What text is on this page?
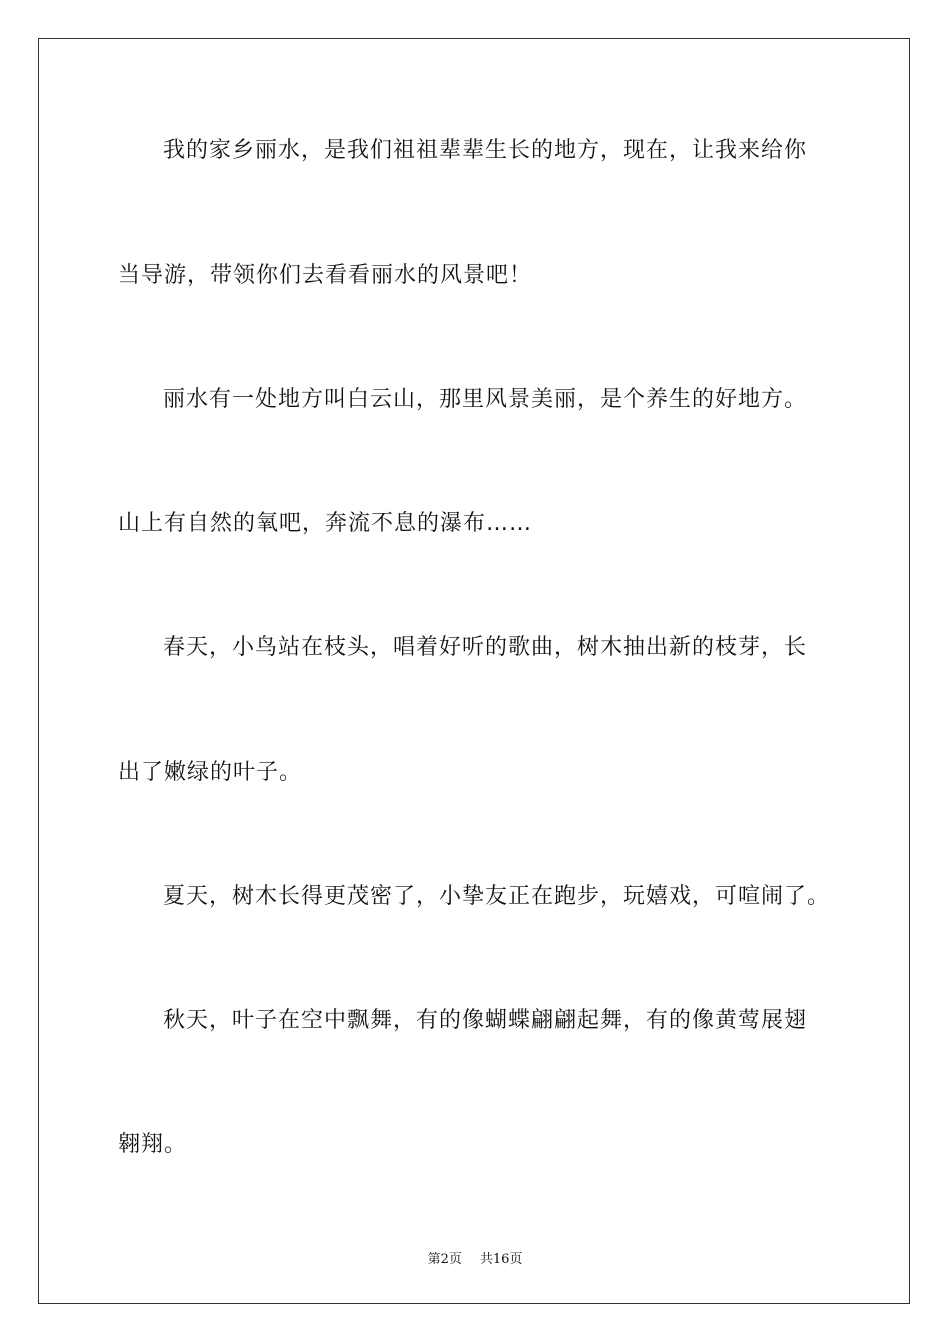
我的家乡丽水，是我们祖祖辈辈生长的地方，现在，让我来给你
当导游，带领你们去看看丽水的风景吧！
丽水有一处地方叫白云山，那里风景美丽，是个养生的好地方。
山上有自然的氧吧，奔流不息的瀑布……
春天，小鸟站在枝头，唱着好听的歌曲，树木抽出新的枝芽，长
出了嫩绿的叶子。
夏天，树木长得更茂密了，小挚友正在跑步，玩嬉戏，可喧闹了。
秋天，叶子在空中飘舞，有的像蝴蝶翩翩起舞，有的像黄莺展翅
翱翔。
第2页 共16页
